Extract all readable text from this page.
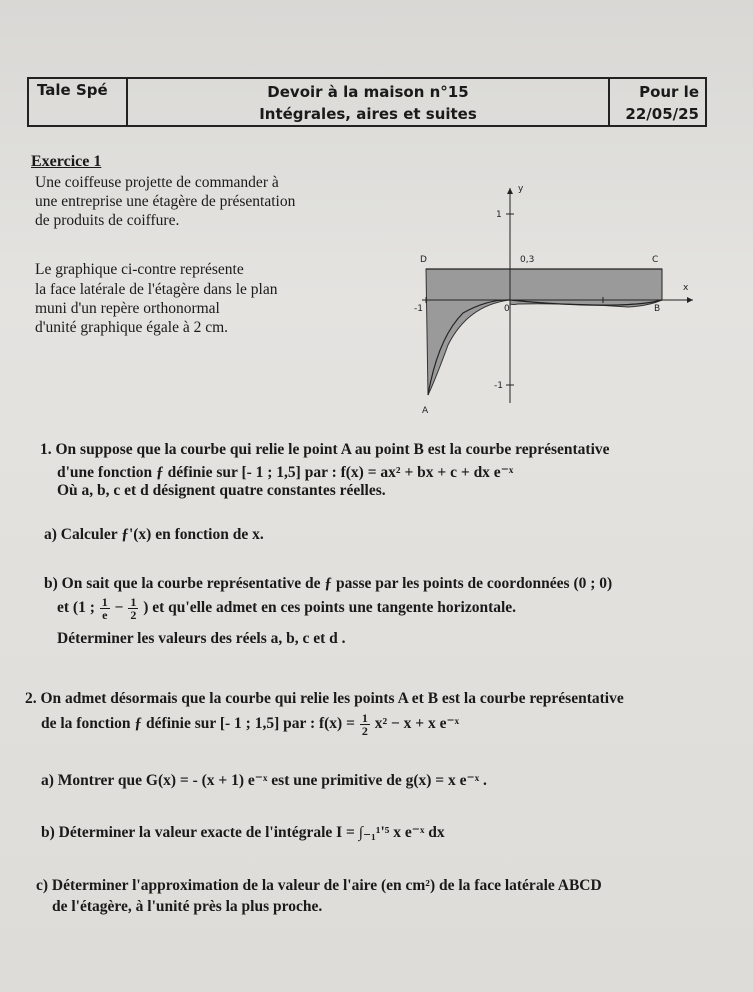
Tale Spé	Devoir à la maison n°15
Intégrales, aires et suites
Pour le
22/05/25
Exercice 1
Une coiffeuse projette de commander à
une entreprise une étagère de présentation
de produits de coiffure.
Le graphique ci-contre représente
la face latérale de l'étagère dans le plan
muni d'un repère orthonormal
d'unité graphique égale à 2 cm.
y
1
-1
D	C
0,3
x
-1	0	B
A
1. On suppose que la courbe qui relie le point A au point B est la courbe représentative
d'une fonction ƒ définie sur [- 1 ; 1,5] par : f(x) = ax² + bx + c + dx e⁻ˣ
Où a, b, c et d désignent quatre constantes réelles.
a) Calculer ƒ'(x) en fonction de x.
b) On sait que la courbe représentative de ƒ passe par les points de coordonnées (0 ; 0)
et (1 ; $\frac{1}{e} - \frac{1}{2}$ ) et qu'elle admet en ces points une tangente horizontale.
Déterminer les valeurs des réels a, b, c et d .
2. On admet désormais que la courbe qui relie les points A et B est la courbe représentative
de la fonction ƒ définie sur [- 1 ; 1,5] par : $f(x) = \frac{1}{2} x^2 - x + x$ e⁻ˣ
a) Montrer que G(x) = - (x + 1) e⁻ˣ est une primitive de g(x) = x e⁻ˣ .
b) Déterminer la valeur exacte de l'intégrale I = ∫₋₁¹'⁵ x e⁻ˣ dx
c) Déterminer l'approximation de la valeur de l'aire (en cm²) de la face latérale ABCD
de l'étagère, à l'unité près la plus proche.
